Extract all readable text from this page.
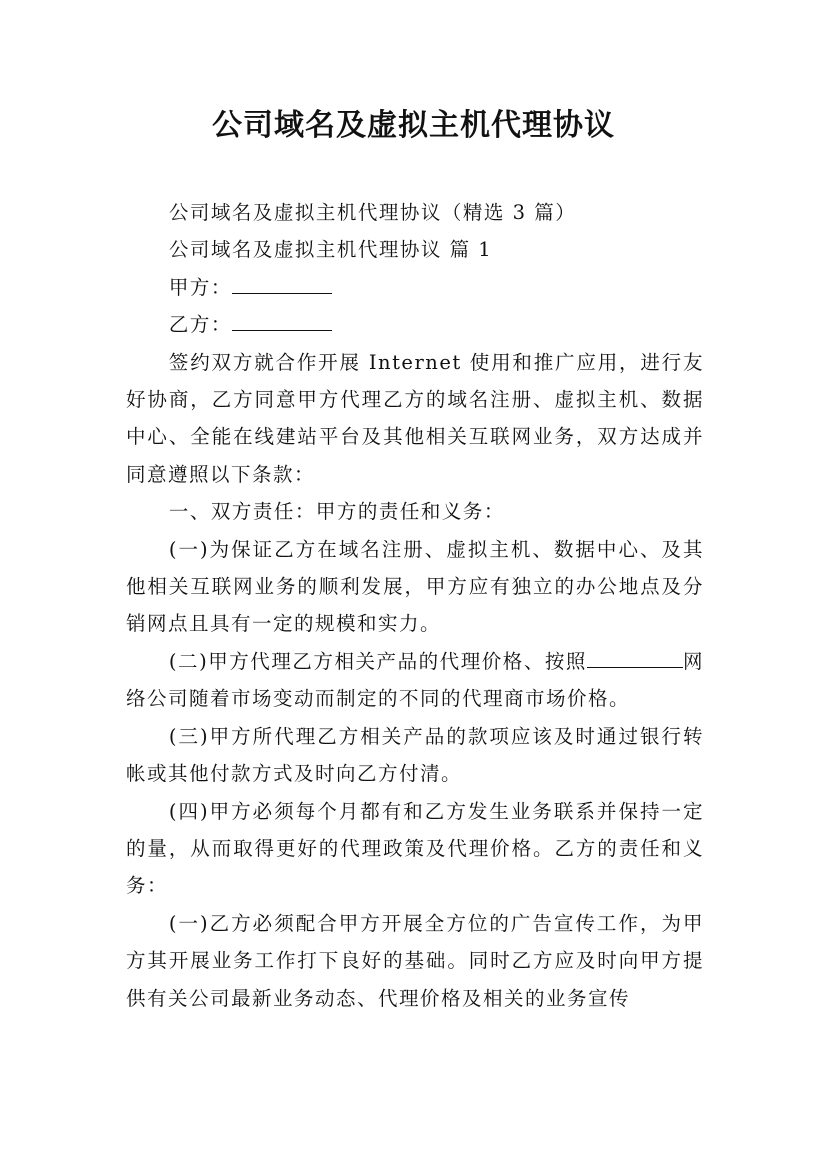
公司域名及虚拟主机代理协议

公司域名及虚拟主机代理协议（精选 3 篇）

公司域名及虚拟主机代理协议 篇 1

甲方：

乙方：

签约双方就合作开展 Internet 使用和推广应用，进行友好协商，乙方同意甲方代理乙方的域名注册、虚拟主机、数据中心、全能在线建站平台及其他相关互联网业务，双方达成并同意遵照以下条款：

一、双方责任：甲方的责任和义务：

(一)为保证乙方在域名注册、虚拟主机、数据中心、及其他相关互联网业务的顺利发展，甲方应有独立的办公地点及分销网点且具有一定的规模和实力。

(二)甲方代理乙方相关产品的代理价格、按照	网络公司随着市场变动而制定的不同的代理商市场价格。

(三)甲方所代理乙方相关产品的款项应该及时通过银行转帐或其他付款方式及时向乙方付清。

(四)甲方必须每个月都有和乙方发生业务联系并保持一定的量，从而取得更好的代理政策及代理价格。乙方的责任和义务：

(一)乙方必须配合甲方开展全方位的广告宣传工作，为甲方其开展业务工作打下良好的基础。同时乙方应及时向甲方提供有关公司最新业务动态、代理价格及相关的业务宣传
